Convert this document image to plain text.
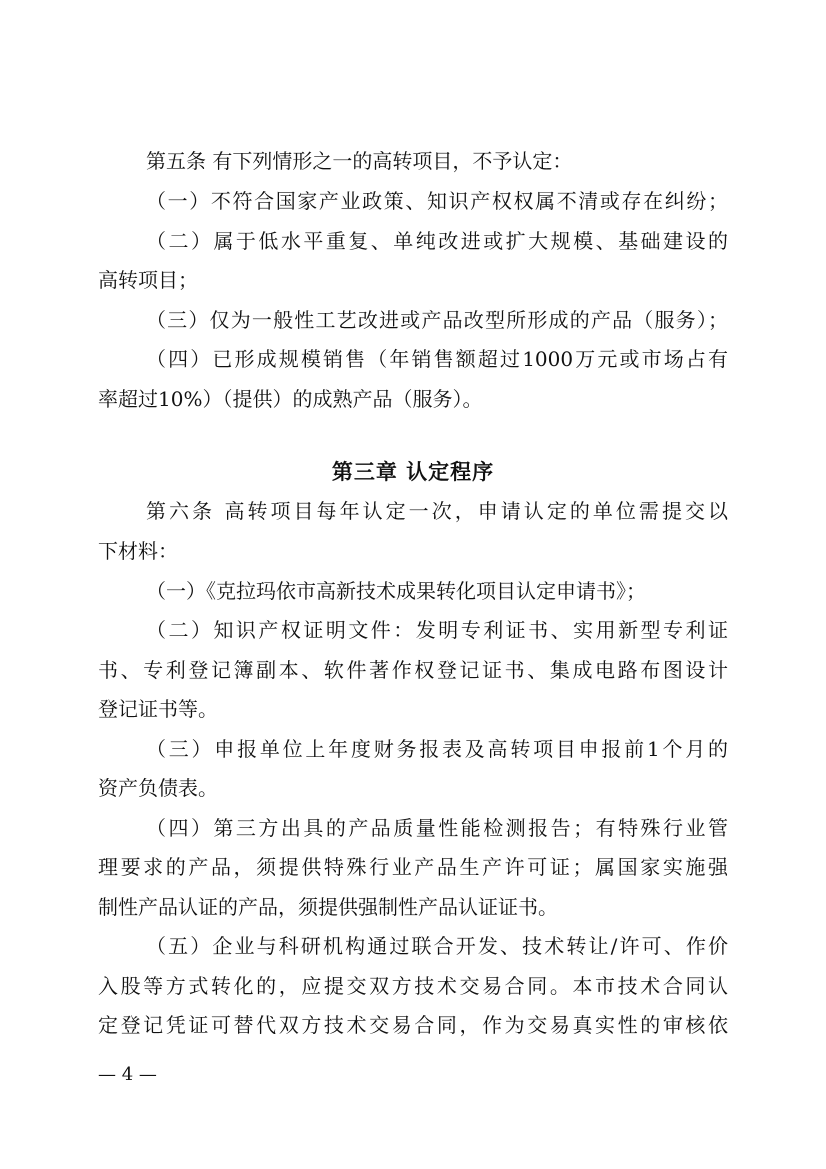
第五条 有下列情形之一的高转项目，不予认定：
（一）不符合国家产业政策、知识产权权属不清或存在纠纷；
（二）属于低水平重复、单纯改进或扩大规模、基础建设的
高转项目；
（三）仅为一般性工艺改进或产品改型所形成的产品（服务）；
（四）已形成规模销售（年销售额超过1000万元或市场占有
率超过10%）（提供）的成熟产品（服务）。
第三章 认定程序
第六条 高转项目每年认定一次，申请认定的单位需提交以
下材料：
（一）《克拉玛依市高新技术成果转化项目认定申请书》；
（二）知识产权证明文件：发明专利证书、实用新型专利证
书、专利登记簿副本、软件著作权登记证书、集成电路布图设计
登记证书等。
（三）申报单位上年度财务报表及高转项目申报前1个月的
资产负债表。
（四）第三方出具的产品质量性能检测报告；有特殊行业管
理要求的产品，须提供特殊行业产品生产许可证；属国家实施强
制性产品认证的产品，须提供强制性产品认证证书。
（五）企业与科研机构通过联合开发、技术转让/许可、作价
入股等方式转化的，应提交双方技术交易合同。本市技术合同认
定登记凭证可替代双方技术交易合同，作为交易真实性的审核依
— 4 —
